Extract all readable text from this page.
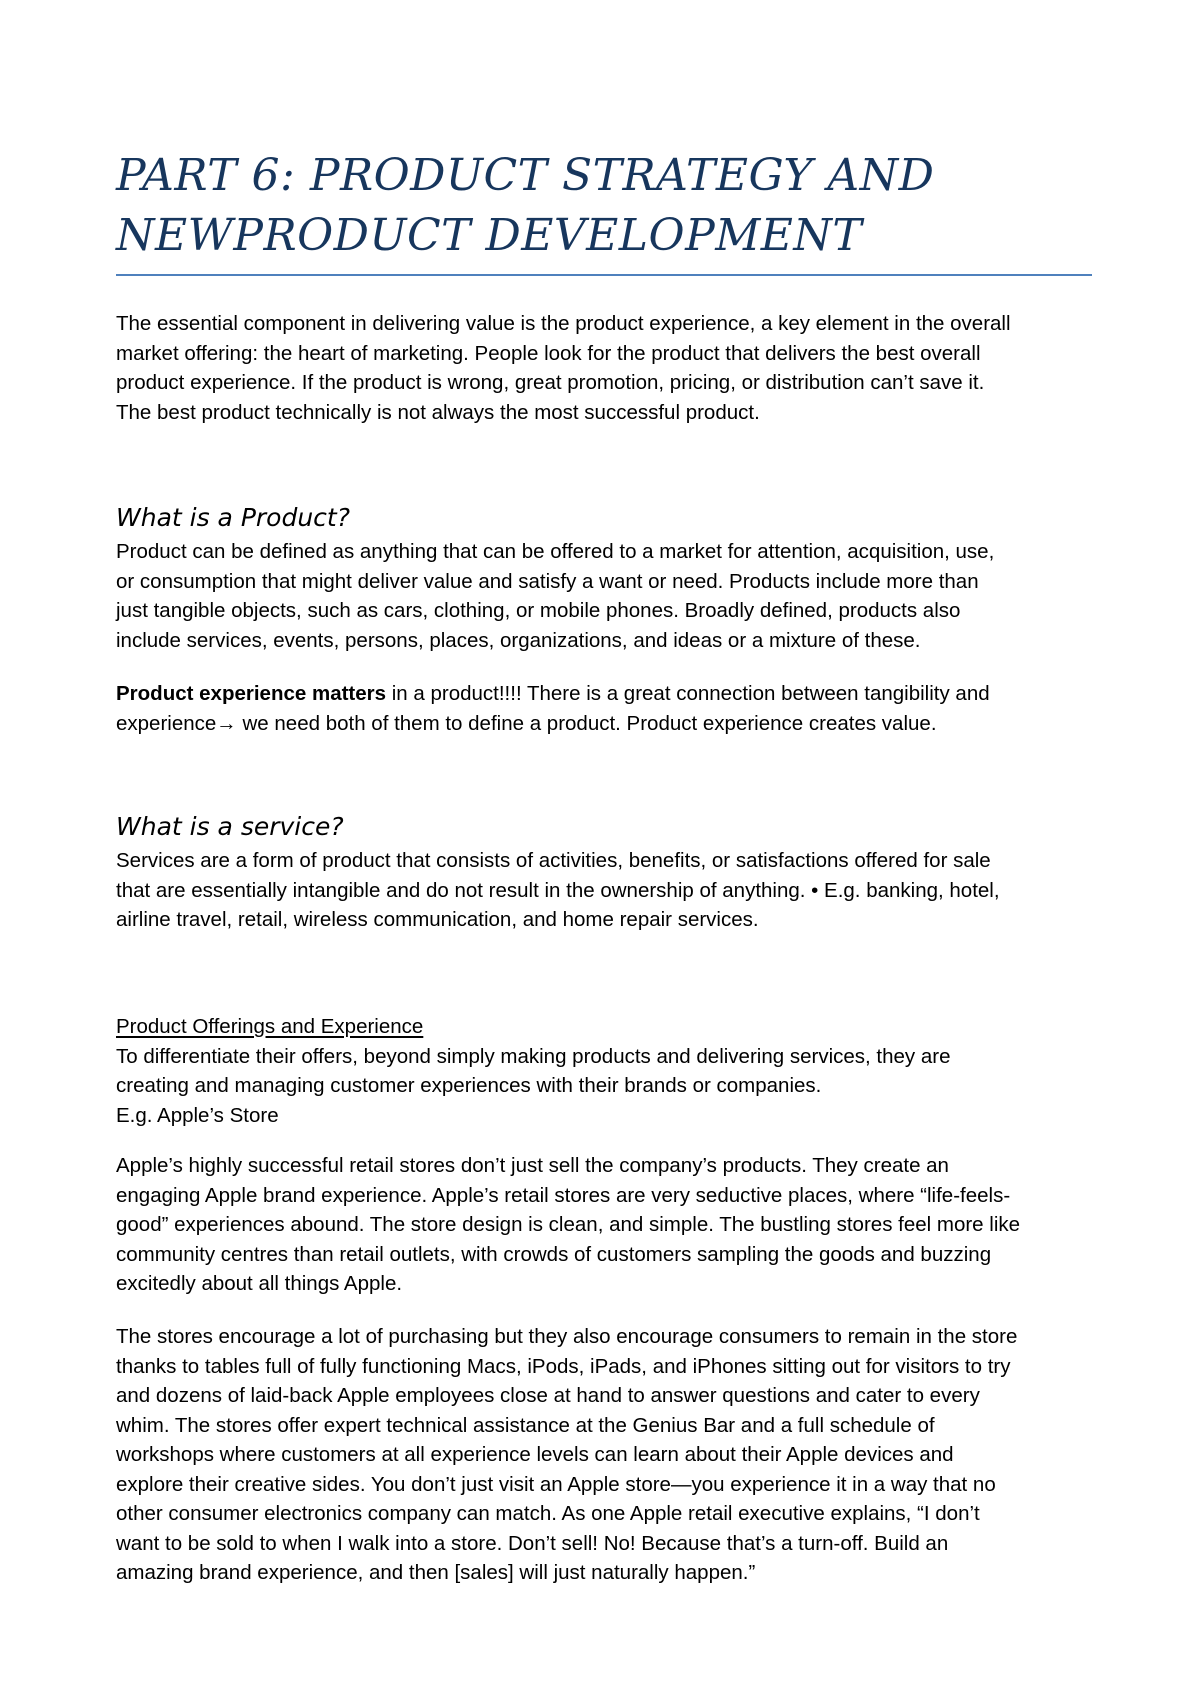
PART 6: PRODUCT STRATEGY AND
NEWPRODUCT DEVELOPMENT
The essential component in delivering value is the product experience, a key element in the overall
market offering: the heart of marketing. People look for the product that delivers the best overall
product experience. If the product is wrong, great promotion, pricing, or distribution can’t save it.
The best product technically is not always the most successful product.
What is a Product?
Product can be defined as anything that can be offered to a market for attention, acquisition, use,
or consumption that might deliver value and satisfy a want or need. Products include more than
just tangible objects, such as cars, clothing, or mobile phones. Broadly defined, products also
include services, events, persons, places, organizations, and ideas or a mixture of these.
Product experience matters in a product!!!! There is a great connection between tangibility and
experience→ we need both of them to define a product. Product experience creates value.
What is a service?
Services are a form of product that consists of activities, benefits, or satisfactions offered for sale
that are essentially intangible and do not result in the ownership of anything. • E.g. banking, hotel,
airline travel, retail, wireless communication, and home repair services.
Product Offerings and Experience
To differentiate their offers, beyond simply making products and delivering services, they are
creating and managing customer experiences with their brands or companies.
E.g. Apple’s Store
Apple’s highly successful retail stores don’t just sell the company’s products. They create an
engaging Apple brand experience. Apple’s retail stores are very seductive places, where “life-feels-
good” experiences abound. The store design is clean, and simple. The bustling stores feel more like
community centres than retail outlets, with crowds of customers sampling the goods and buzzing
excitedly about all things Apple.
The stores encourage a lot of purchasing but they also encourage consumers to remain in the store
thanks to tables full of fully functioning Macs, iPods, iPads, and iPhones sitting out for visitors to try
and dozens of laid-back Apple employees close at hand to answer questions and cater to every
whim. The stores offer expert technical assistance at the Genius Bar and a full schedule of
workshops where customers at all experience levels can learn about their Apple devices and
explore their creative sides. You don’t just visit an Apple store—you experience it in a way that no
other consumer electronics company can match. As one Apple retail executive explains, “I don’t
want to be sold to when I walk into a store. Don’t sell! No! Because that’s a turn-off. Build an
amazing brand experience, and then [sales] will just naturally happen.”
